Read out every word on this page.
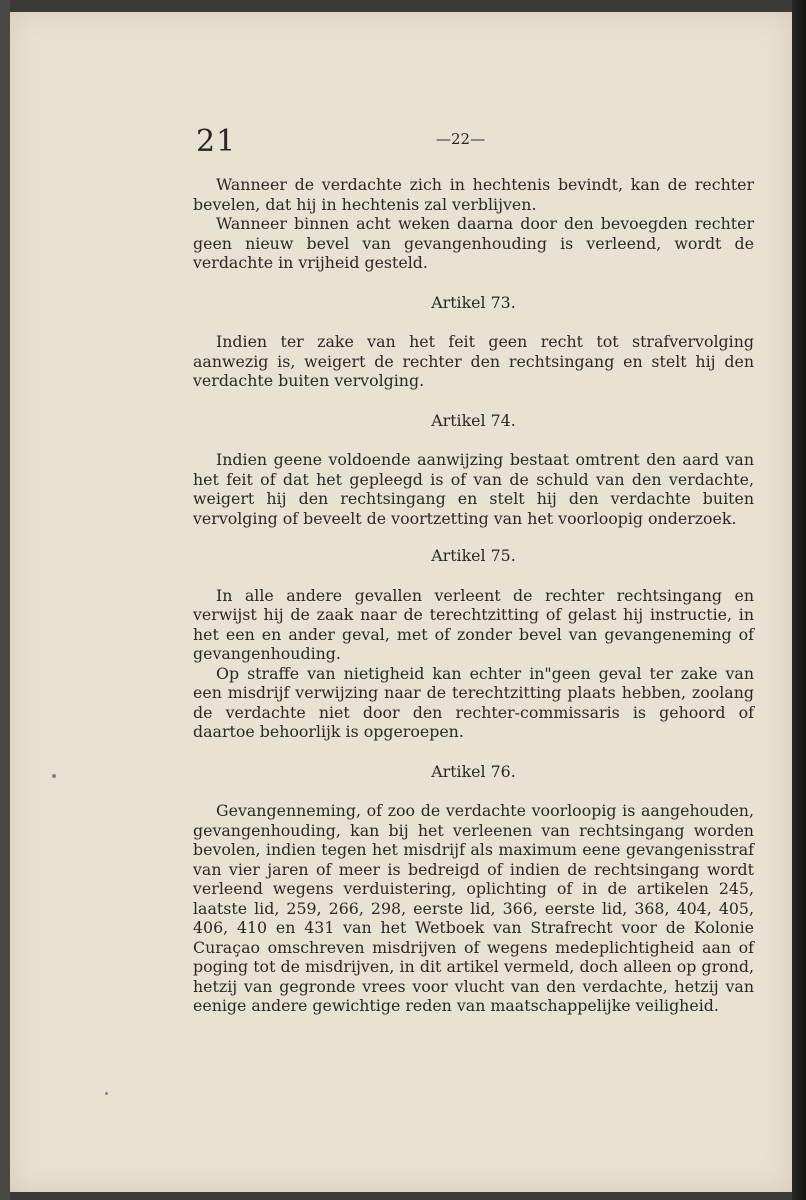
21	—22—

Wanneer de verdachte zich in hechtenis bevindt, kan de rechter bevelen, dat hij in hechtenis zal verblijven.

Wanneer binnen acht weken daarna door den bevoegden rechter geen nieuw bevel van gevangenhouding is verleend, wordt de verdachte in vrijheid gesteld.

Artikel 73.

Indien ter zake van het feit geen recht tot strafvervolging aanwezig is, weigert de rechter den rechtsingang en stelt hij den verdachte buiten vervolging.

Artikel 74.

Indien geene voldoende aanwijzing bestaat omtrent den aard van het feit of dat het gepleegd is of van de schuld van den verdachte, weigert hij den rechtsingang en stelt hij den verdachte buiten vervolging of beveelt de voortzetting van het voorloopig onderzoek.

Artikel 75.

In alle andere gevallen verleent de rechter rechtsingang en verwijst hij de zaak naar de terechtzitting of gelast hij instructie, in het een en ander geval, met of zonder bevel van gevangeneming of gevangenhouding.

Op straffe van nietigheid kan echter in"geen geval ter zake van een misdrijf verwijzing naar de terechtzitting plaats hebben, zoolang de verdachte niet door den rechter-commissaris is gehoord of daartoe behoorlijk is opgeroepen.

Artikel 76.

Gevangenneming, of zoo de verdachte voorloopig is aangehouden, gevangenhouding, kan bij het verleenen van rechtsingang worden bevolen, indien tegen het misdrijf als maximum eene gevangenisstraf van vier jaren of meer is bedreigd of indien de rechtsingang wordt verleend wegens verduistering, oplichting of in de artikelen 245, laatste lid, 259, 266, 298, eerste lid, 366, eerste lid, 368, 404, 405, 406, 410 en 431 van het Wetboek van Strafrecht voor de Kolonie Curaçao omschreven misdrijven of wegens medeplichtigheid aan of poging tot de misdrijven, in dit artikel vermeld, doch alleen op grond, hetzij van gegronde vrees voor vlucht van den verdachte, hetzij van eenige andere gewichtige reden van maatschappelijke veiligheid.
